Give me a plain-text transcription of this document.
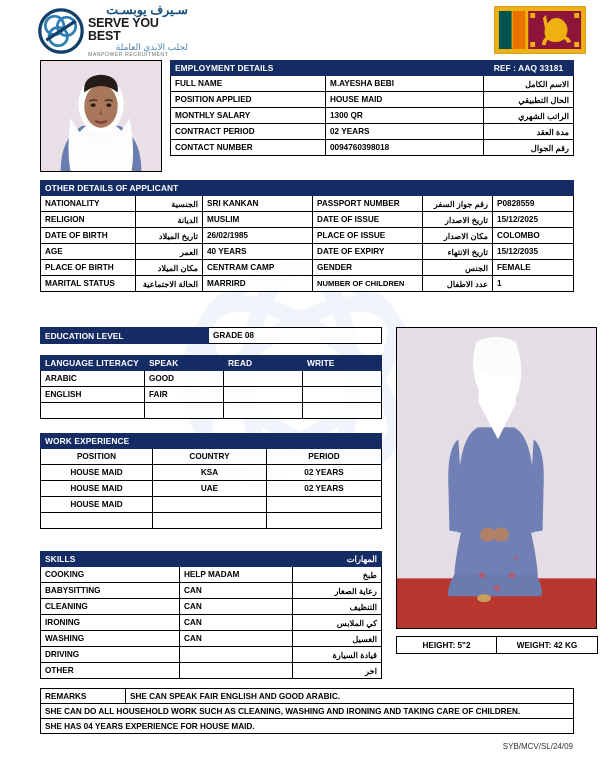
سـيرف يوبسـت
SERVE YOU BEST
لجلب الايدي العاملة
MANPOWER RECRUITMENT
EMPLOYMENT DETAILS		REF : AAQ 33181
FULL NAME	M.AYESHA BEBI	الاسم الكامل
POSITION APPLIED	HOUSE MAID	الحال التطبيقي
MONTHLY SALARY	1300 QR	الراتب الشهري
CONTRACT PERIOD	02 YEARS	مدة العقد
CONTACT NUMBER	0094760398018	رقم الجوال
OTHER DETAILS OF APPLICANT					
NATIONALITY	الجنسية	SRI KANKAN	PASSPORT NUMBER	رقم جواز السفر	P0828559
RELIGION	الديانة	MUSLIM	DATE OF ISSUE	تاريخ الاصدار	15/12/2025
DATE OF BIRTH	تاريخ الميلاد	26/02/1985	PLACE OF ISSUE	مكان الاصدار	COLOMBO
AGE	العمر	40 YEARS	DATE OF EXPIRY	تاريخ الانتهاء	15/12/2035
PLACE OF BIRTH	مكان الميلاد	CENTRAM CAMP	GENDER	الجنس	FEMALE
MARITAL STATUS	الحالة الاجتماعية	MARRIRD	NUMBER OF CHILDREN	عدد الاطفال	1
EDUCATION LEVEL	GRADE 08
LANGUAGE LITERACY	SPEAK	READ	WRITE
ARABIC	GOOD		
ENGLISH	FAIR		

WORK EXPERIENCE		
POSITION	COUNTRY	PERIOD
HOUSE MAID	KSA	02 YEARS
HOUSE MAID	UAE	02 YEARS
HOUSE MAID		

SKILLS	المهارات	
COOKING	HELP MADAM	طبخ
BABYSITTING	CAN	رعاية الصغار
CLEANING	CAN	التنظيف
IRONING	CAN	كي الملابس
WASHING	CAN	الغسيل
DRIVING		قيادة السيارة
OTHER		اخر
HEIGHT: 5"2	WEIGHT: 42 KG
REMARKS	SHE CAN SPEAK FAIR ENGLISH AND GOOD ARABIC.
SHE CAN DO ALL HOUSEHOLD WORK SUCH AS CLEANING, WASHING AND IRONING AND TAKING CARE OF CHILDREN.
SHE HAS 04 YEARS EXPERIENCE FOR HOUSE MAID.
SYB/MCV/SL/24/09
